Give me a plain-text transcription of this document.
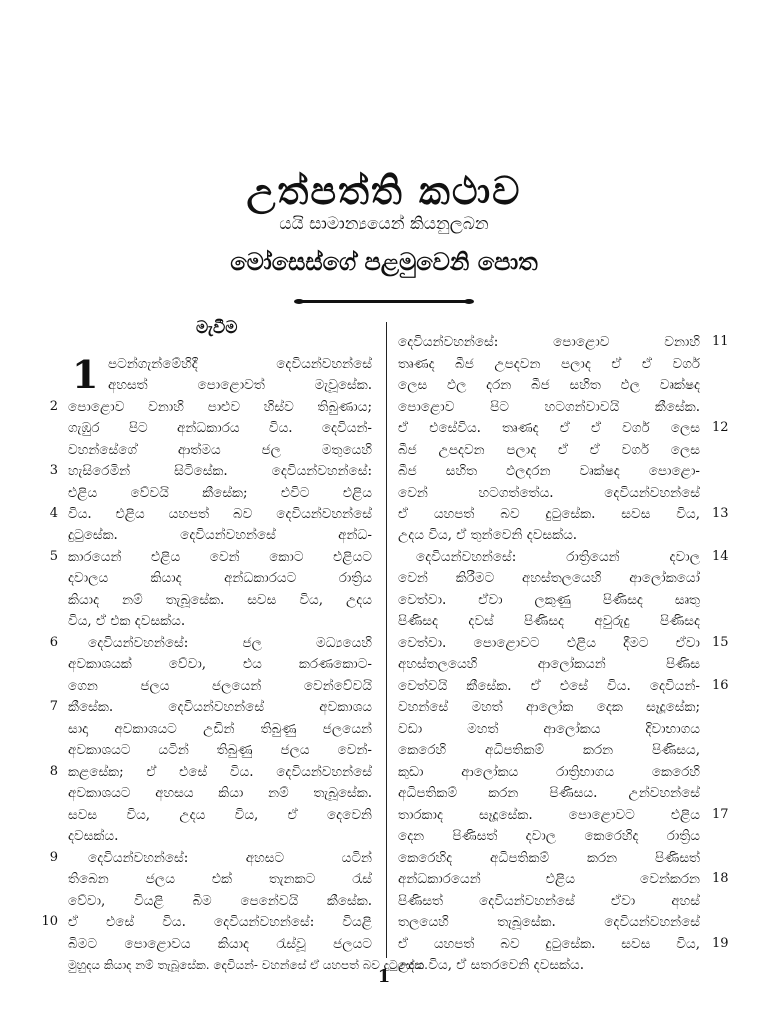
උත්පත්ති කථාව
යයි සාමාන්‍යයෙන් කියනුලබන
මෝසෙස්ගේ පළමුවෙනි පොත
මැවීම
1 පටන්ගැන්මේහිදී දෙවියන්වහන්සේ
අහසත් පොළොවත් මැවූසේක.
2 පොළොව වනාහි පාළුව හිස්ව තිබුණාය;
ගැඹුර පිට අන්ධකාරය විය. දෙවියන්-
වහන්සේගේ ආත්මය ජල මතුයෙහි
3 හැසිරෙමින් සිටිසේක. දෙවියන්වහන්සේ:
එළිය වේවයි කීසේක; එවිට එළිය
4 විය. එළිය යහපත් බව දෙවියන්වහන්සේ
දුටුසේක. දෙවියන්වහන්සේ අන්ධ-
5 කාරයෙන් එළිය වෙන් කොට එළියට
දවාලය කියාද අන්ධකාරයට රාත්‍රිය
කියාද නම් තැබූසේක. සවස විය, උදය
විය, ඒ එක දවසක්ය.
6 දෙවියන්වහන්සේ: ජල මධ්‍යයෙහි
අවකාශයක් වේවා, එය කරණකොට-
ගෙන ජලය ජලයෙන් වෙන්වේවයි
7 කීසේක. දෙවියන්වහන්සේ අවකාශය
සාදා අවකාශයට උඩින් තිබුණු ජලයෙන්
අවකාශයට යටින් තිබුණු ජලය වෙන්-
8 කළසේක; ඒ එසේ විය. දෙවියන්වහන්සේ
අවකාශයට අහසය කියා නම් තැබූසේක.
සවස විය, උදය විය, ඒ දෙවෙනි
දවසක්ය.
9 දෙවියන්වහන්සේ: අහසට යටින්
තිබෙන ජලය එක් තැනකට රැස්
වේවා, වියළි බිම පෙනේවයි කීසේක.
10 ඒ එසේ විය. දෙවියන්වහන්සේ: වියළි
බිමට පොළොවය කියාද රැස්වූ ජලයට
මුහුදය කියාද නම් තැබූසේක. දෙවියන්- වහන්සේ ඒ යහපත් බව දුටුසේක.
11
දෙවියන්වහන්සේ: පොළොව වනාහි
තෘණද බීජ උපදවන පලාද ඒ ඒ වර්ග
ලෙස ඵල දරන බීජ සහිත ඵල වෘක්ෂද
පොළොව පිට හටගන්වාවයි කීසේක.
12
ඒ එසේවිය. තෘණද ඒ ඒ වර්ග ලෙස
බීජ උපදවන පලාද ඒ ඒ වර්ග ලෙස
බීජ සහිත ඵලදරන වෘක්ෂද පොළො-
වෙන් හටගත්තේය. දෙවියන්වහන්සේ
13
ඒ යහපත් බව දුටුසේක. සවස විය,
උදය විය, ඒ තුන්වෙනි දවසක්ය.
14
දෙවියන්වහන්සේ: රාත්‍රියෙන් දවාල
වෙන් කිරීමට අහස්තලයෙහි ආලෝකයෝ
වෙත්වා. ඒවා ලකුණු පිණිසද සෘතු
පිණිසද දවස් පිණිසද අවුරුදු පිණිසද
15
වෙත්වා. පොළොවට එළිය දීමට ඒවා
අහස්තලයෙහි ආලෝකයන් පිණිස
16
වෙත්වයි කීසේක. ඒ එසේ විය. දෙවියන්-
වහන්සේ මහත් ආලෝක දෙක සෑදූසේක;
වඩා මහත් ආලෝකය දිවාභාගය
කෙරෙහි අධිපතිකම් කරන පිණිසය,
කුඩා ආලෝකය රාත්‍රිභාගය කෙරෙහි
අධිපතිකම් කරන පිණිසය. උන්වහන්සේ
17
තාරකාද සෑදූසේක. පොළොවට එළිය
දෙන පිණිසත් දවාල කෙරෙහිද රාත්‍රිය
කෙරෙහිද අධිපතිකම් කරන පිණිසත්
18
අන්ධකාරයෙන් එළිය වෙන්කරන
පිණිසත් දෙවියන්වහන්සේ ඒවා අහස්
තලයෙහි තැබූසේක. දෙවියන්වහන්සේ
19
ඒ යහපත් බව දුටුසේක. සවස විය,
උදය විය, ඒ සතරවෙනි දවසක්ය.
1
